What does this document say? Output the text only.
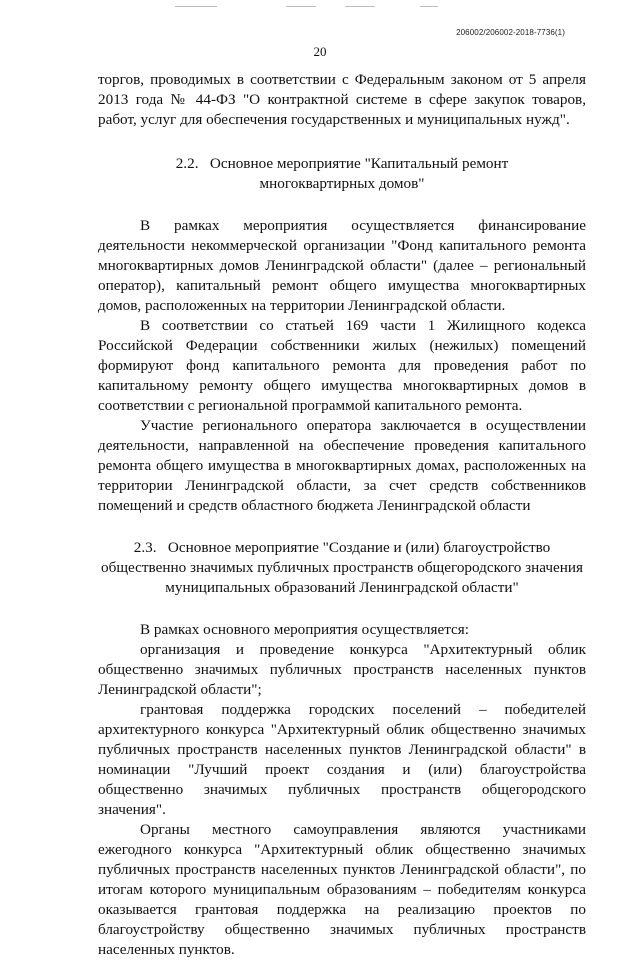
206002/206002-2018-7736(1)
20

торгов, проводимых в соответствии с Федеральным законом от 5 апреля 2013 года № 44-ФЗ "О контрактной системе в сфере закупок товаров, работ, услуг для обеспечения государственных и муниципальных нужд".

2.2.   Основное мероприятие "Капитальный ремонт
многоквартирных домов"

В рамках мероприятия осуществляется финансирование деятельности некоммерческой организации "Фонд капитального ремонта многоквартирных домов Ленинградской области" (далее – региональный оператор), капитальный ремонт общего имущества многоквартирных домов, расположенных на территории Ленинградской области.

В соответствии со статьей 169 части 1 Жилищного кодекса Российской Федерации собственники жилых (нежилых) помещений формируют фонд капитального ремонта для проведения работ по капитальному ремонту общего имущества многоквартирных домов в соответствии с региональной программой капитального ремонта.

Участие регионального оператора заключается в осуществлении деятельности, направленной на обеспечение проведения капитального ремонта общего имущества в многоквартирных домах, расположенных на территории Ленинградской области, за счет средств собственников помещений и средств областного бюджета Ленинградской области

2.3.   Основное мероприятие "Создание и (или) благоустройство
общественно значимых публичных пространств общегородского значения
муниципальных образований Ленинградской области"

В рамках основного мероприятия осуществляется:

организация и проведение конкурса "Архитектурный облик общественно значимых публичных пространств населенных пунктов Ленинградской области";

грантовая поддержка городских поселений – победителей архитектурного конкурса "Архитектурный облик общественно значимых публичных пространств населенных пунктов Ленинградской области" в номинации "Лучший проект создания и (или) благоустройства общественно значимых публичных пространств общегородского значения".

Органы местного самоуправления являются участниками ежегодного конкурса "Архитектурный облик общественно значимых публичных пространств населенных пунктов Ленинградской области", по итогам которого муниципальным образованиям – победителям конкурса оказывается грантовая поддержка на реализацию проектов по благоустройству общественно значимых публичных пространств населенных пунктов.
